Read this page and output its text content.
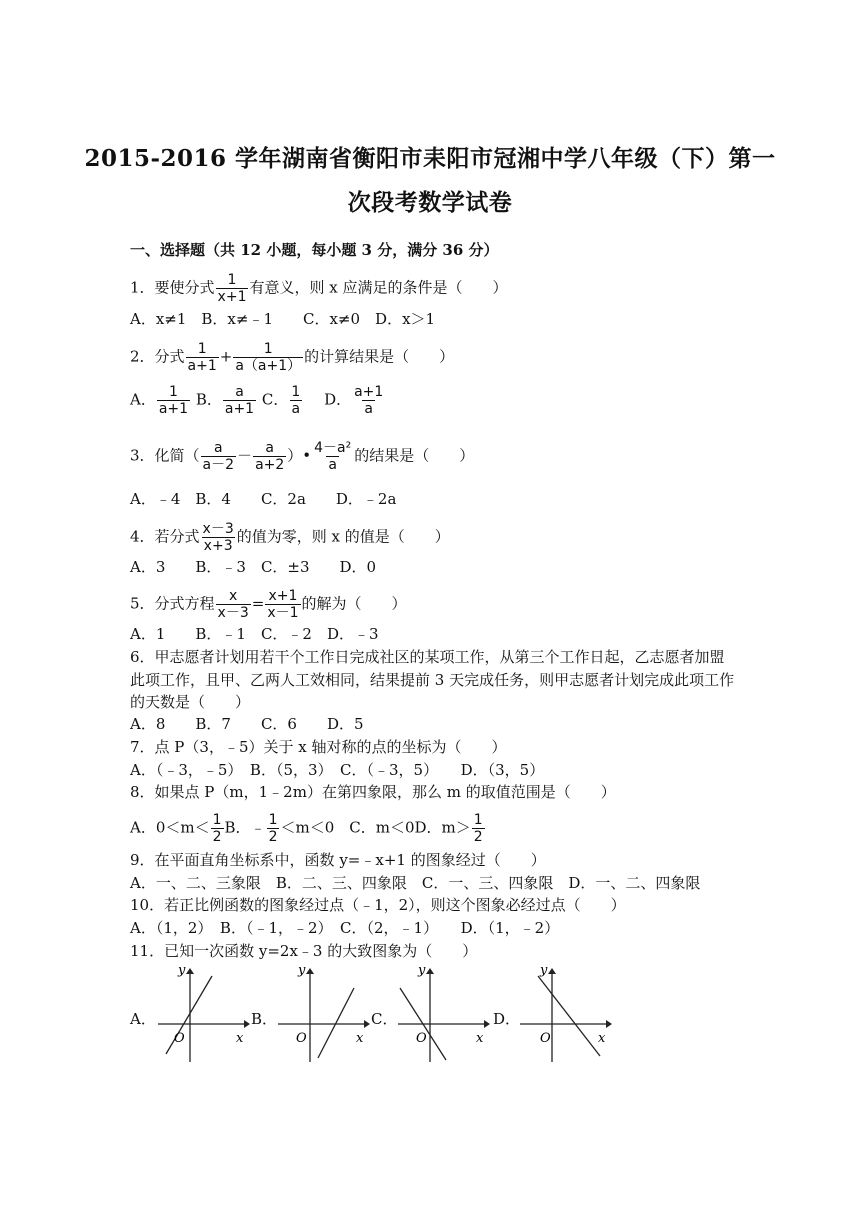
2015-2016 学年湖南省衡阳市耒阳市冠湘中学八年级（下）第一
次段考数学试卷
一、选择题（共 12 小题，每小题 3 分，满分 36 分）
1．要使分式 $\frac{1}{x+1}$ 有意义，则 x 应满足的条件是（　　）
A．x≠1　B．x≠﹣1　　C．x≠0　D．x＞1
2．分式 $\frac{1}{a+1} + \frac{1}{a(a+1)}$ 的计算结果是（　　）
A． $\frac{1}{a+1}$ B． $\frac{a}{a+1}$ C． $\frac{1}{a}$ D． $\frac{a+1}{a}$
3．化简（ $\frac{a}{a-2} - \frac{a}{a+2}$ ）• $\frac{\text{4－a²}}{a}$ 的结果是（　　）
A．﹣4　B．4　　C．2a　　D．﹣2a
4．若分式 $\frac{x-3}{x+3}$ 的值为零，则 x 的值是（　　）
A．3　　B．﹣3　C．±3　　D．0
5．分式方程 $\frac{x}{x-3} = \frac{x+1}{x-1}$ 的解为（　　）
A．1　　B．﹣1　C．﹣2　D．﹣3
6．甲志愿者计划用若干个工作日完成社区的某项工作，从第三个工作日起，乙志愿者加盟
此项工作，且甲、乙两人工效相同，结果提前 3 天完成任务，则甲志愿者计划完成此项工作
的天数是（　　）
A．8　　B．7　　C．6　　D．5
7．点 P（3，﹣5）关于 x 轴对称的点的坐标为（　　）
A．（﹣3，﹣5）　B．（5，3）　C．（﹣3，5）　　D．（3，5）
8．如果点 P（m，1﹣2m）在第四象限，那么 m 的取值范围是（　　）
A．$0<m< \frac{1}{2}$ B．﹣ $\frac{1}{2} <m<0$　C．m＜0D．$m> \frac{1}{2}$
9．在平面直角坐标系中，函数 y=﹣x+1 的图象经过（　　）
A．一、二、三象限　B．二、三、四象限　C．一、三、四象限　D．一、二、四象限
10．若正比例函数的图象经过点（﹣1，2），则这个图象必经过点（　　）
A．（1，2）　B．（﹣1，﹣2）　C．（2，﹣1）　　D．（1，﹣2）
11．已知一次函数 y=2x﹣3 的大致图象为（　　）
A．	B．	C．	D．
y
x
O
y
x
O
y
x
O
y
x
O
